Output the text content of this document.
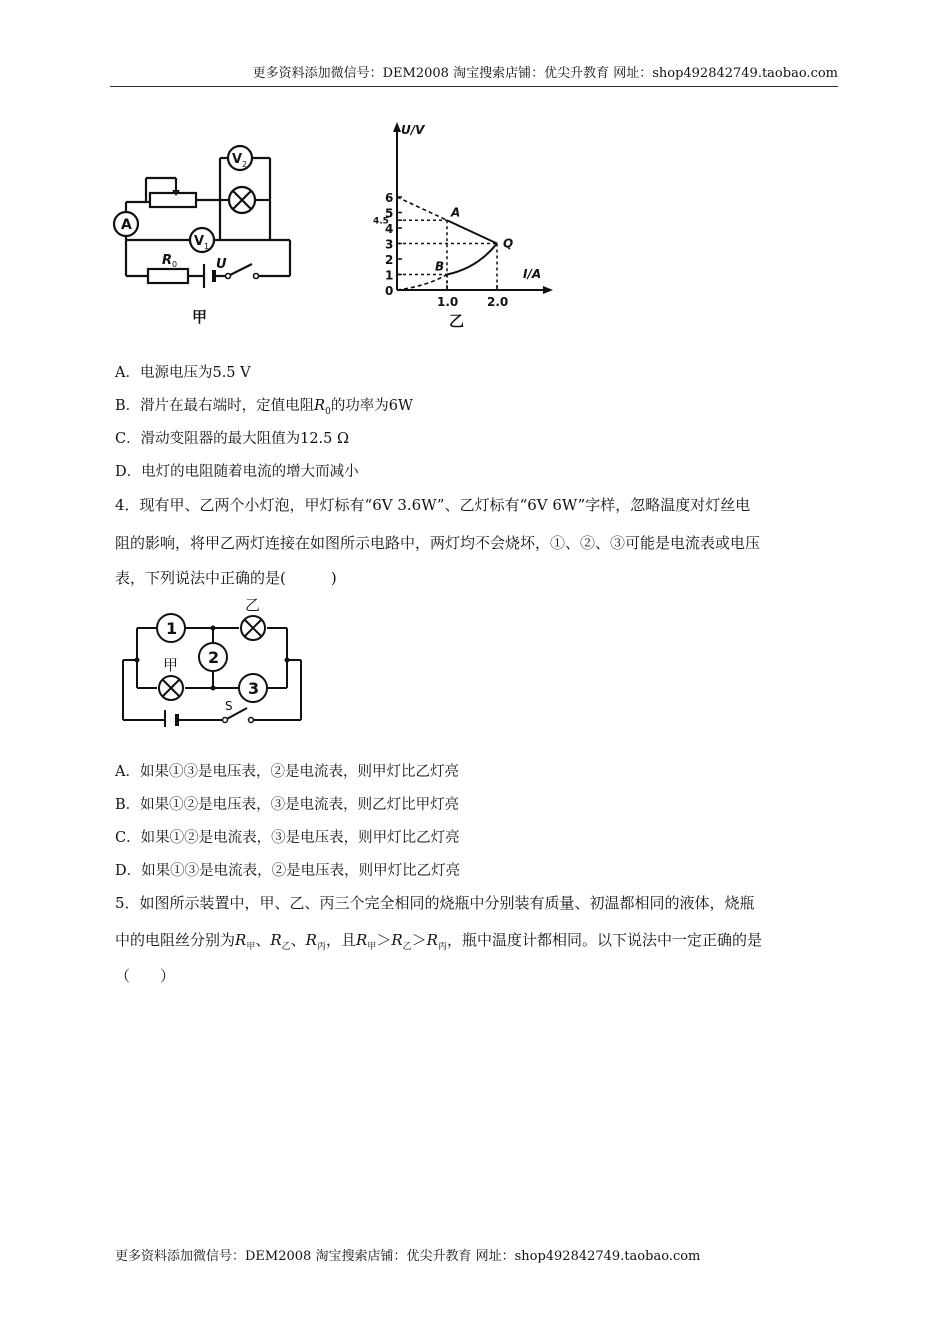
更多资料添加微信号：DEM2008 淘宝搜索店铺：优尖升教育 网址：shop492842749.taobao.com
A
V 2
V 1
R 0	U
甲
1
2
3
4
4.5
5
6
1.0 2.0
A
Q
B
U/V
I/A
0
乙
A．电源电压为5.5 V
B．滑片在最右端时，定值电阻$R_0$的功率为6W
C．滑动变阻器的最大阻值为12.5 Ω
D．电灯的电阻随着电流的增大而减小
4．现有甲、乙两个小灯泡，甲灯标有“6V 3.6W”、乙灯标有“6V 6W”字样，忽略温度对灯丝电
阻的影响，将甲乙两灯连接在如图所示电路中，两灯均不会烧坏，①、②、③可能是电流表或电压
表，下列说法中正确的是(　　　)
1
乙
2
甲
3
S
A．如果①③是电压表，②是电流表，则甲灯比乙灯亮
B．如果①②是电压表，③是电流表，则乙灯比甲灯亮
C．如果①②是电流表，③是电压表，则甲灯比乙灯亮
D．如果①③是电流表，②是电压表，则甲灯比乙灯亮
5．如图所示装置中，甲、乙、丙三个完全相同的烧瓶中分别装有质量、初温都相同的液体，烧瓶
中的电阻丝分别为$R_甲$、$R_乙$、$R_丙$，且$R_甲>R_乙>R_丙$，瓶中温度计都相同。以下说法中一定正确的是
（　　）
更多资料添加微信号：DEM2008 淘宝搜索店铺：优尖升教育 网址：shop492842749.taobao.com
